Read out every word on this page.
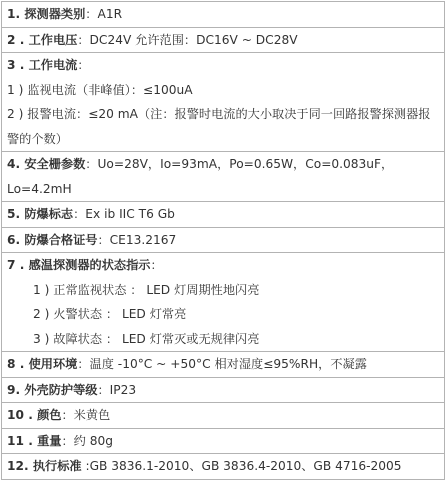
1. 探测器类别：A1R
2 . 工作电压：DC24V 允许范围：DC16V ~ DC28V
3 . 工作电流：
1 ) 监视电流（非峰值）：≤100uA
2 ) 报警电流：≤20 mA（注：报警时电流的大小取决于同一回路报警探测器报警的个数）
4. 安全栅参数：Uo=28V，Io=93mA，Po=0.65W，Co=0.083uF，Lo=4.2mH
5. 防爆标志：Ex ib IIC T6 Gb
6. 防爆合格证号：CE13.2167
7 . 感温探测器的状态指示：
1 ) 正常监视状态 ： LED 灯周期性地闪亮
2 ) 火警状态 ： LED 灯常亮
3 ) 故障状态 ： LED 灯常灭或无规律闪亮
8 . 使用环境：温度 -10°C ~ +50°C 相对湿度≤95%RH，不凝露
9. 外壳防护等级：IP23
10 . 颜色：米黄色
11 . 重量：约 80g
12. 执行标准 :GB 3836.1-2010、GB 3836.4-2010、GB 4716-2005
